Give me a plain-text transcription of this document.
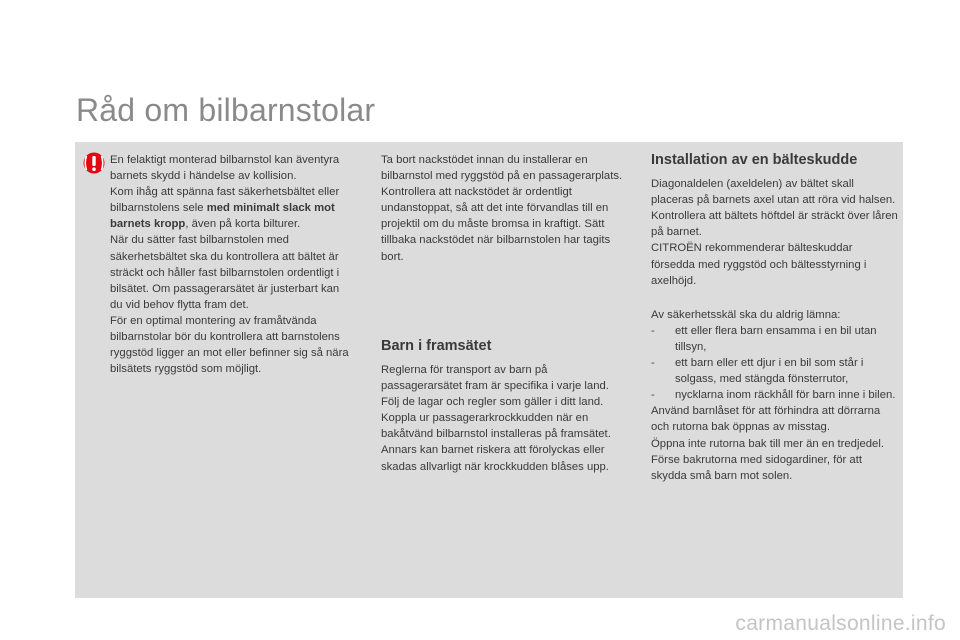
Råd om bilbarnstolar

En felaktigt monterad bilbarnstol kan äventyra barnets skydd i händelse av kollision.

Kom ihåg att spänna fast säkerhetsbältet eller bilbarnstolens sele med minimalt slack mot barnets kropp, även på korta bilturer.

När du sätter fast bilbarnstolen med säkerhetsbältet ska du kontrollera att bältet är sträckt och håller fast bilbarnstolen ordentligt i bilsätet. Om passagerarsätet är justerbart kan du vid behov flytta fram det.

För en optimal montering av framåtvända bilbarnstolar bör du kontrollera att barnstolens ryggstöd ligger an mot eller befinner sig så nära bilsätets ryggstöd som möjligt.

Ta bort nackstödet innan du installerar en bilbarnstol med ryggstöd på en passagerarplats. Kontrollera att nackstödet är ordentligt undanstoppat, så att det inte förvandlas till en projektil om du måste bromsa in kraftigt. Sätt tillbaka nackstödet när bilbarnstolen har tagits bort.

Barn i framsätet

Reglerna för transport av barn på passagerarsätet fram är specifika i varje land.

Följ de lagar och regler som gäller i ditt land.

Koppla ur passagerarkrockkudden när en bakåtvänd bilbarnstol installeras på framsätet. Annars kan barnet riskera att förolyckas eller skadas allvarligt när krockkudden blåses upp.

Installation av en bälteskudde

Diagonaldelen (axeldelen) av bältet skall placeras på barnets axel utan att röra vid halsen.

Kontrollera att bältets höftdel är sträckt över låren på barnet.

CITROËN rekommenderar bälteskuddar försedda med ryggstöd och bältesstyrning i axelhöjd.

Av säkerhetsskäl ska du aldrig lämna:

-	ett eller flera barn ensamma i en bil utan tillsyn,
-	ett barn eller ett djur i en bil som står i solgass, med stängda fönsterrutor,
-	nycklarna inom räckhåll för barn inne i bilen.

Använd barnlåset för att förhindra att dörrarna och rutorna bak öppnas av misstag.

Öppna inte rutorna bak till mer än en tredjedel.

Förse bakrutorna med sidogardiner, för att skydda små barn mot solen.

carmanualsonline.info
